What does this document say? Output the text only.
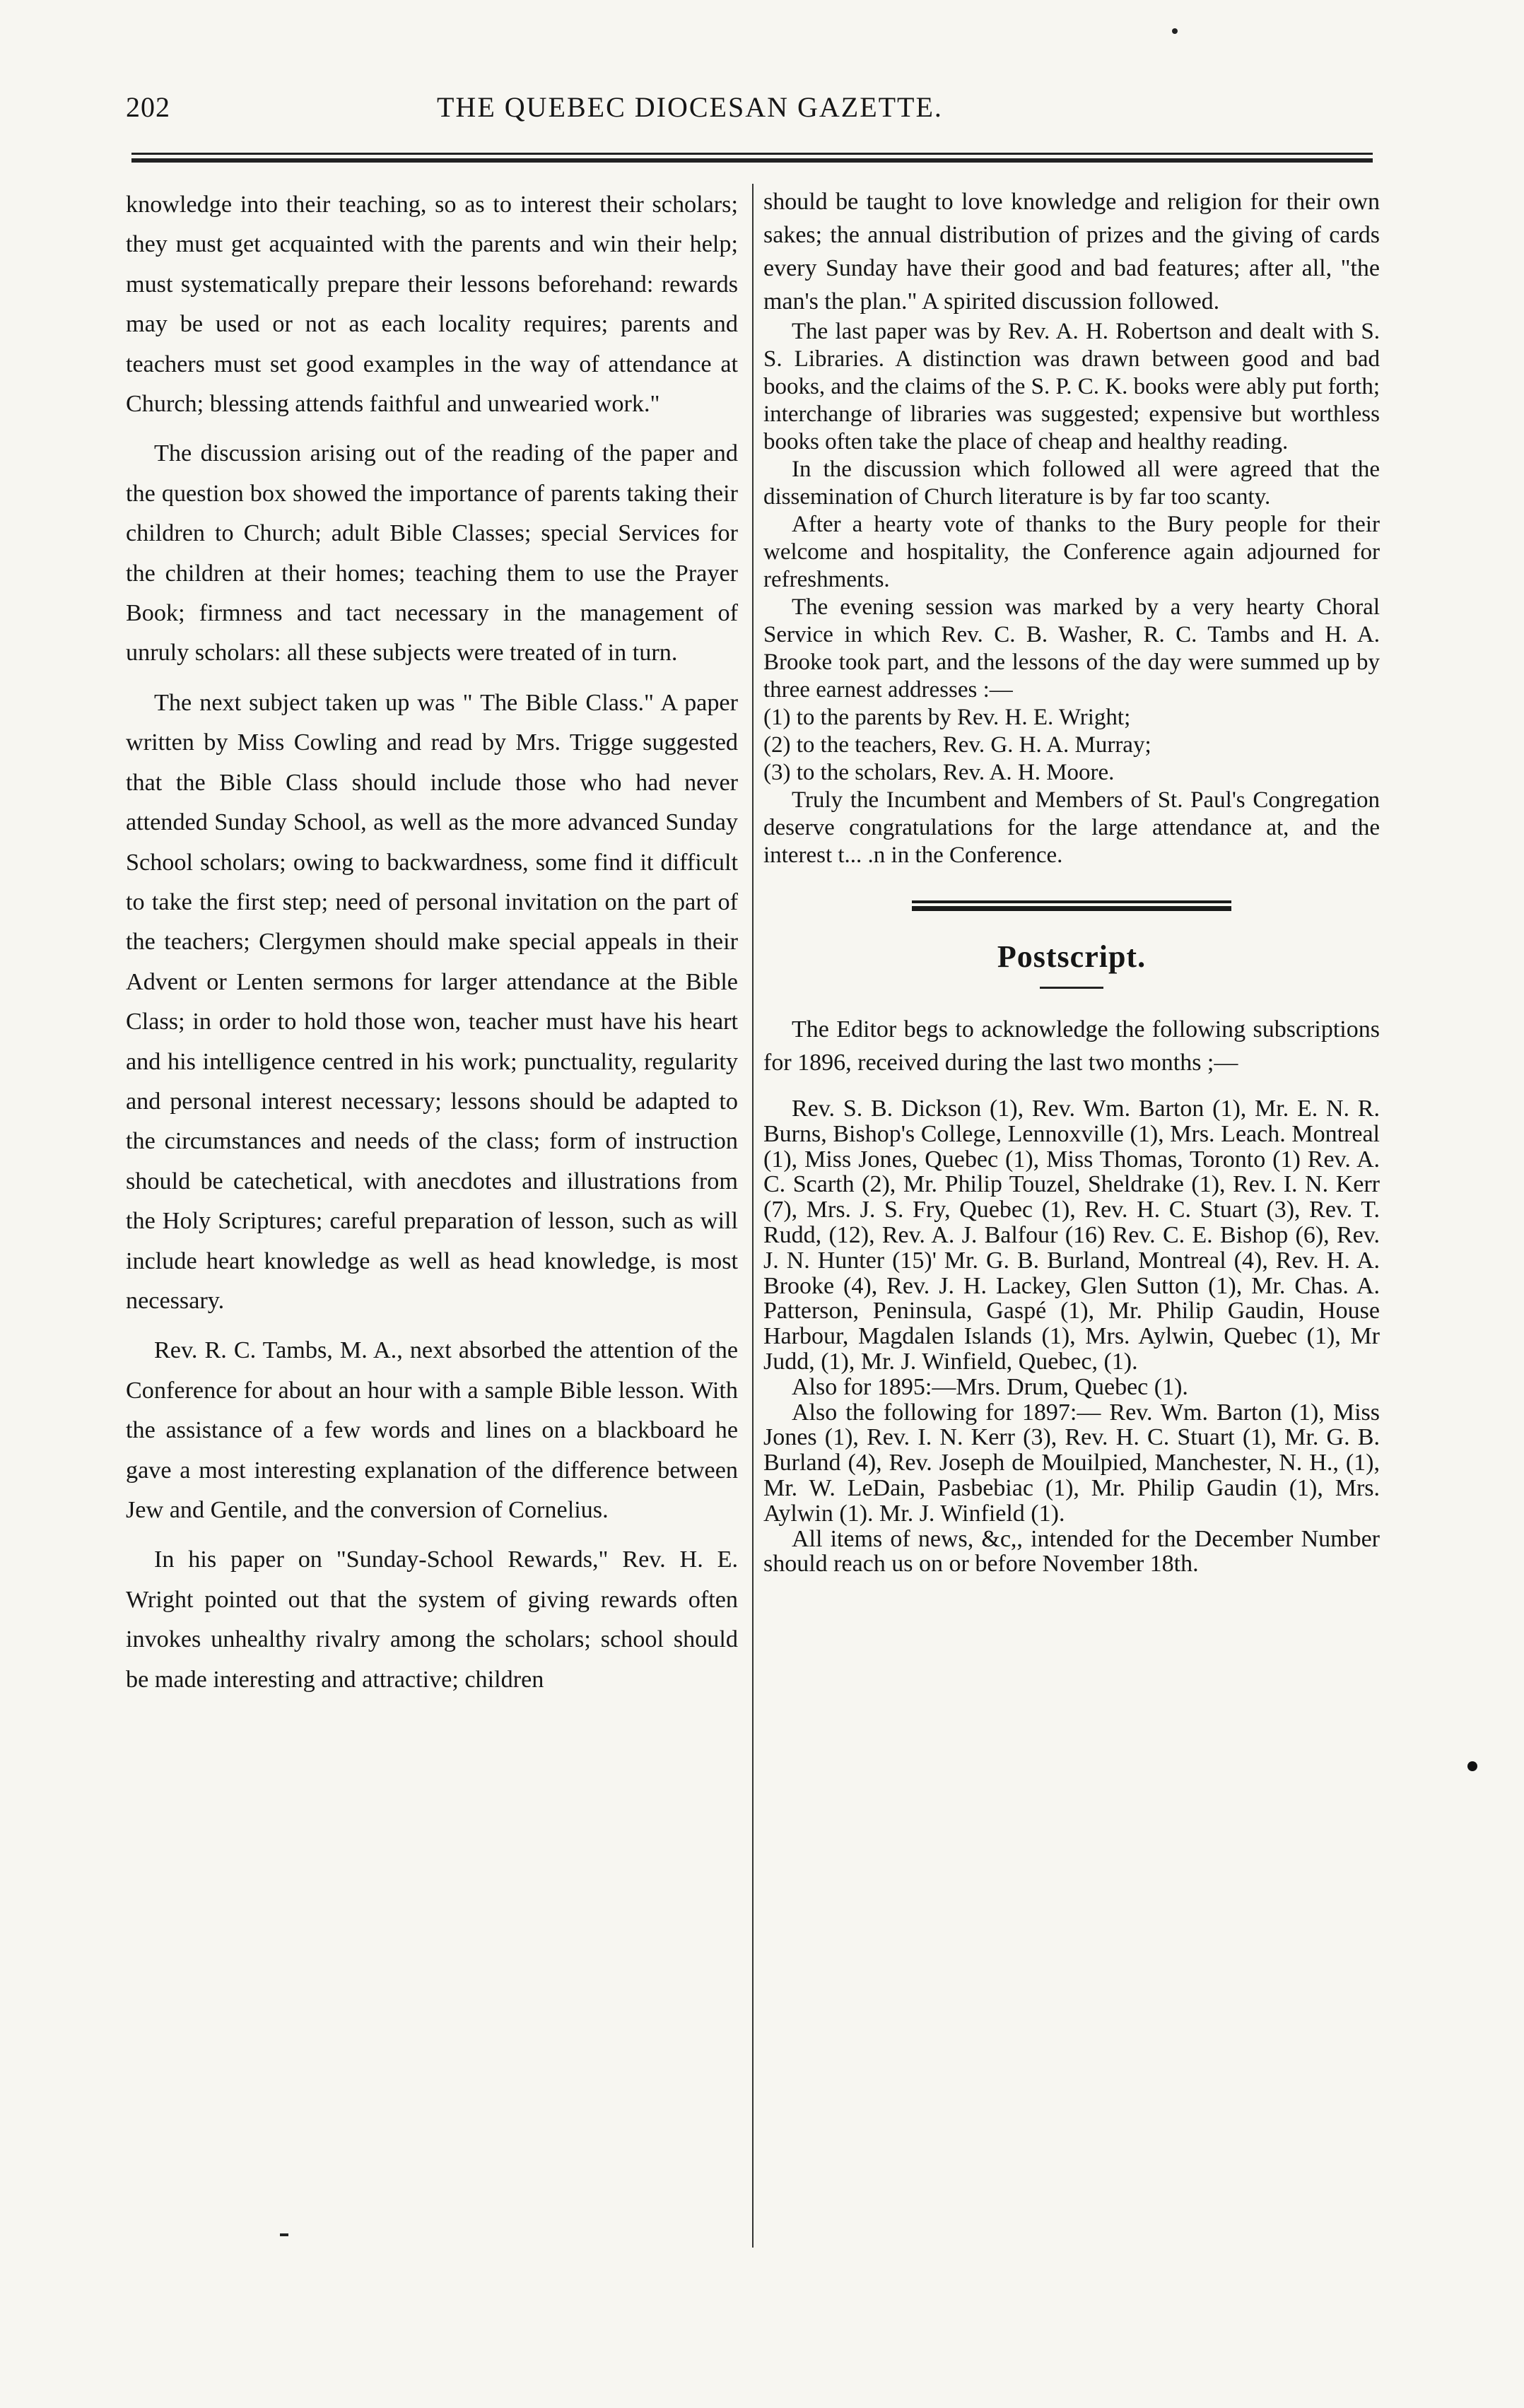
202	THE QUEBEC DIOCESAN GAZETTE.

knowledge into their teaching, so as to interest their scholars; they must get acquainted with the parents and win their help; must systematically prepare their lessons beforehand: rewards may be used or not as each locality requires; parents and teachers must set good examples in the way of attendance at Church; blessing attends faithful and unwearied work."

The discussion arising out of the reading of the paper and the question box showed the importance of parents taking their children to Church; adult Bible Classes; special Services for the children at their homes; teaching them to use the Prayer Book; firmness and tact necessary in the management of unruly scholars: all these subjects were treated of in turn.

The next subject taken up was " The Bible Class." A paper written by Miss Cowling and read by Mrs. Trigge suggested that the Bible Class should include those who had never attended Sunday School, as well as the more advanced Sunday School scholars; owing to backwardness, some find it difficult to take the first step; need of personal invitation on the part of the teachers; Clergymen should make special appeals in their Advent or Lenten sermons for larger attendance at the Bible Class; in order to hold those won, teacher must have his heart and his intelligence centred in his work; punctuality, regularity and personal interest necessary; lessons should be adapted to the circumstances and needs of the class; form of instruction should be catechetical, with anecdotes and illustrations from the Holy Scriptures; careful preparation of lesson, such as will include heart knowledge as well as head knowledge, is most necessary.

Rev. R. C. Tambs, M. A., next absorbed the attention of the Conference for about an hour with a sample Bible lesson. With the assistance of a few words and lines on a blackboard he gave a most interesting explanation of the difference between Jew and Gentile, and the conversion of Cornelius.

In his paper on "Sunday-School Rewards," Rev. H. E. Wright pointed out that the system of giving rewards often invokes unhealthy rivalry among the scholars; school should be made interesting and attractive; children

should be taught to love knowledge and religion for their own sakes; the annual distribution of prizes and the giving of cards every Sunday have their good and bad features; after all, "the man's the plan." A spirited discussion followed.

The last paper was by Rev. A. H. Robertson and dealt with S. S. Libraries. A distinction was drawn between good and bad books, and the claims of the S. P. C. K. books were ably put forth; interchange of libraries was suggested; expensive but worthless books often take the place of cheap and healthy reading.

In the discussion which followed all were agreed that the dissemination of Church literature is by far too scanty.

After a hearty vote of thanks to the Bury people for their welcome and hospitality, the Conference again adjourned for refreshments.

The evening session was marked by a very hearty Choral Service in which Rev. C. B. Washer, R. C. Tambs and H. A. Brooke took part, and the lessons of the day were summed up by three earnest addresses :—

(1) to the parents by Rev. H. E. Wright;

(2) to the teachers, Rev. G. H. A. Murray;

(3) to the scholars, Rev. A. H. Moore.

Truly the Incumbent and Members of St. Paul's Congregation deserve congratulations for the large attendance at, and the interest t... .n in the Conference.

Postscript.

The Editor begs to acknowledge the following subscriptions for 1896, received during the last two months ;—

Rev. S. B. Dickson (1), Rev. Wm. Barton (1), Mr. E. N. R. Burns, Bishop's College, Lennoxville (1), Mrs. Leach. Montreal (1), Miss Jones, Quebec (1), Miss Thomas, Toronto (1) Rev. A. C. Scarth (2), Mr. Philip Touzel, Sheldrake (1), Rev. I. N. Kerr (7), Mrs. J. S. Fry, Quebec (1), Rev. H. C. Stuart (3), Rev. T. Rudd, (12), Rev. A. J. Balfour (16) Rev. C. E. Bishop (6), Rev. J. N. Hunter (15)' Mr. G. B. Burland, Montreal (4), Rev. H. A. Brooke (4), Rev. J. H. Lackey, Glen Sutton (1), Mr. Chas. A. Patterson, Peninsula, Gaspé (1), Mr. Philip Gaudin, House Harbour, Magdalen Islands (1), Mrs. Aylwin, Quebec (1), Mr Judd, (1), Mr. J. Winfield, Quebec, (1).

Also for 1895:—Mrs. Drum, Quebec (1).

Also the following for 1897:— Rev. Wm. Barton (1), Miss Jones (1), Rev. I. N. Kerr (3), Rev. H. C. Stuart (1), Mr. G. B. Burland (4), Rev. Joseph de Mouilpied, Manchester, N. H., (1), Mr. W. LeDain, Pasbebiac (1), Mr. Philip Gaudin (1), Mrs. Aylwin (1). Mr. J. Winfield (1).

All items of news, &c,, intended for the December Number should reach us on or before November 18th.
